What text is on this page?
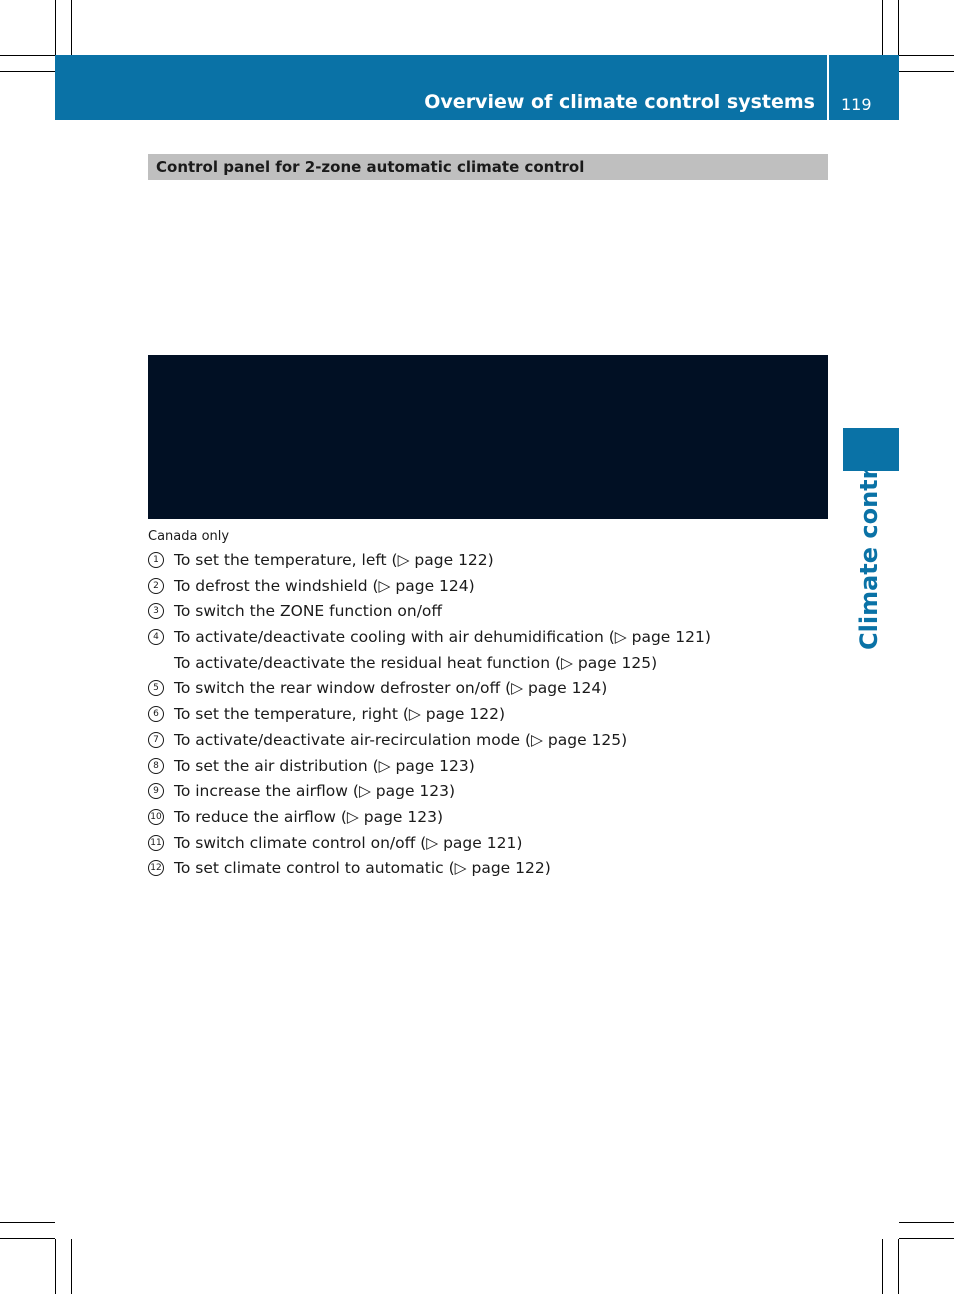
Overview of climate control systems 119
Control panel for 2-zone automatic climate control
Climate control
Canada only
1 To set the temperature, left (▷ page 122)
2 To defrost the windshield (▷ page 124)
3 To switch the ZONE function on/off
4 To activate/deactivate cooling with air dehumidification (▷ page 121)
To activate/deactivate the residual heat function (▷ page 125)
5 To switch the rear window defroster on/off (▷ page 124)
6 To set the temperature, right (▷ page 122)
7 To activate/deactivate air-recirculation mode (▷ page 125)
8 To set the air distribution (▷ page 123)
9 To increase the airflow (▷ page 123)
10 To reduce the airflow (▷ page 123)
11 To switch climate control on/off (▷ page 121)
12 To set climate control to automatic (▷ page 122)
